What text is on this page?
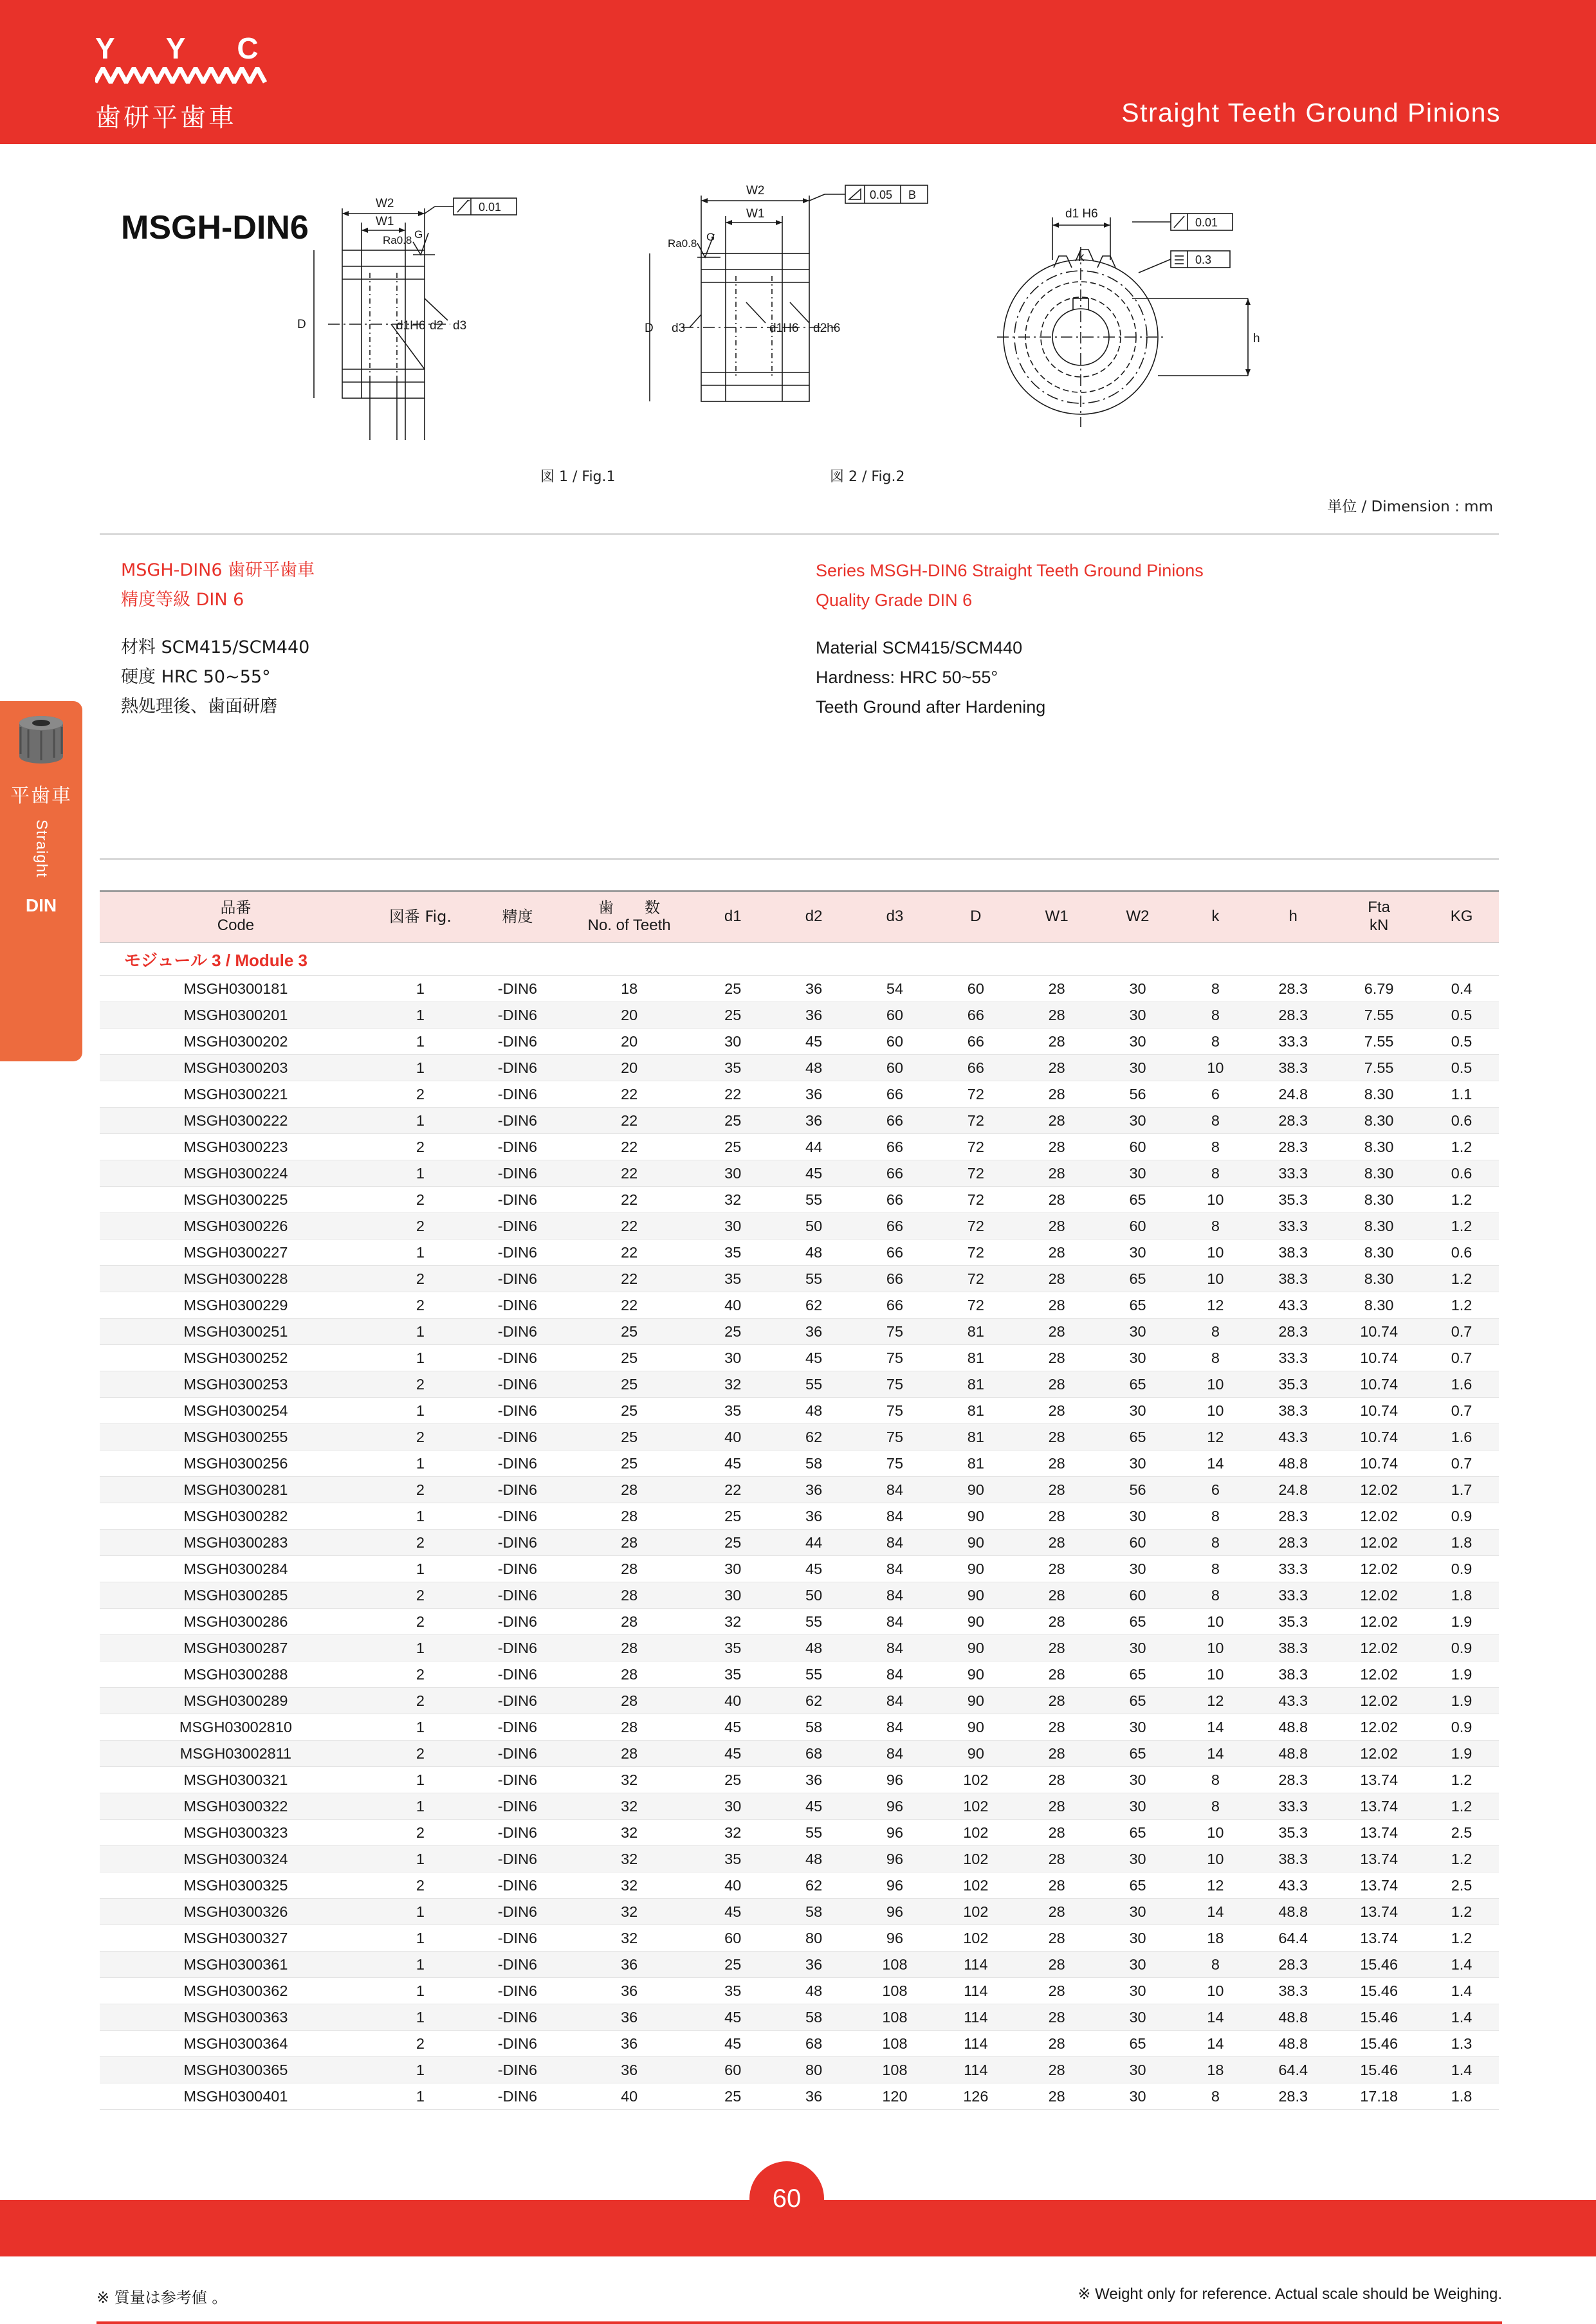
Y Y C
歯研平歯車	Straight Teeth Ground Pinions
平歯車
Straight
DIN
MSGH-DIN6
W2
W1
0.01
Ra0.8 G
D	d1H6 d2 d3
W2
W1
0.05 B
Ra0.8
G
D d3	d1H6 d2h6
d1 H6
k
0.01
0.3
h
図 1 / Fig.1	図 2 / Fig.2
単位 / Dimension : mm
MSGH-DIN6 歯研平歯車
精度等級 DIN 6
材料 SCM415/SCM440
硬度 HRC 50~55°
熱処理後、歯面研磨
Series MSGH-DIN6 Straight Teeth Ground Pinions
Quality Grade DIN 6
Material SCM415/SCM440
Hardness: HRC 50~55°
Teeth Ground after Hardening
品番
Code	図番 Fig.	精度	歯　　数
No. of Teeth

d1	d2	d3	D	W1	W2	k	h

Fta
kN

KG

モジュール 3 / Module 3													
MSGH0300181	1	-DIN6	18	25	36	54	60	28	30	8	28.3	6.79	0.4
MSGH0300201	1	-DIN6	20	25	36	60	66	28	30	8	28.3	7.55	0.5
MSGH0300202	1	-DIN6	20	30	45	60	66	28	30	8	33.3	7.55	0.5
MSGH0300203	1	-DIN6	20	35	48	60	66	28	30	10	38.3	7.55	0.5
MSGH0300221	2	-DIN6	22	22	36	66	72	28	56	6	24.8	8.30	1.1
MSGH0300222	1	-DIN6	22	25	36	66	72	28	30	8	28.3	8.30	0.6
MSGH0300223	2	-DIN6	22	25	44	66	72	28	60	8	28.3	8.30	1.2
MSGH0300224	1	-DIN6	22	30	45	66	72	28	30	8	33.3	8.30	0.6
MSGH0300225	2	-DIN6	22	32	55	66	72	28	65	10	35.3	8.30	1.2
MSGH0300226	2	-DIN6	22	30	50	66	72	28	60	8	33.3	8.30	1.2
MSGH0300227	1	-DIN6	22	35	48	66	72	28	30	10	38.3	8.30	0.6
MSGH0300228	2	-DIN6	22	35	55	66	72	28	65	10	38.3	8.30	1.2
MSGH0300229	2	-DIN6	22	40	62	66	72	28	65	12	43.3	8.30	1.2
MSGH0300251	1	-DIN6	25	25	36	75	81	28	30	8	28.3	10.74	0.7
MSGH0300252	1	-DIN6	25	30	45	75	81	28	30	8	33.3	10.74	0.7
MSGH0300253	2	-DIN6	25	32	55	75	81	28	65	10	35.3	10.74	1.6
MSGH0300254	1	-DIN6	25	35	48	75	81	28	30	10	38.3	10.74	0.7
MSGH0300255	2	-DIN6	25	40	62	75	81	28	65	12	43.3	10.74	1.6
MSGH0300256	1	-DIN6	25	45	58	75	81	28	30	14	48.8	10.74	0.7
MSGH0300281	2	-DIN6	28	22	36	84	90	28	56	6	24.8	12.02	1.7
MSGH0300282	1	-DIN6	28	25	36	84	90	28	30	8	28.3	12.02	0.9
MSGH0300283	2	-DIN6	28	25	44	84	90	28	60	8	28.3	12.02	1.8
MSGH0300284	1	-DIN6	28	30	45	84	90	28	30	8	33.3	12.02	0.9
MSGH0300285	2	-DIN6	28	30	50	84	90	28	60	8	33.3	12.02	1.8
MSGH0300286	2	-DIN6	28	32	55	84	90	28	65	10	35.3	12.02	1.9
MSGH0300287	1	-DIN6	28	35	48	84	90	28	30	10	38.3	12.02	0.9
MSGH0300288	2	-DIN6	28	35	55	84	90	28	65	10	38.3	12.02	1.9
MSGH0300289	2	-DIN6	28	40	62	84	90	28	65	12	43.3	12.02	1.9
MSGH03002810	1	-DIN6	28	45	58	84	90	28	30	14	48.8	12.02	0.9
MSGH03002811	2	-DIN6	28	45	68	84	90	28	65	14	48.8	12.02	1.9
MSGH0300321	1	-DIN6	32	25	36	96	102	28	30	8	28.3	13.74	1.2
MSGH0300322	1	-DIN6	32	30	45	96	102	28	30	8	33.3	13.74	1.2
MSGH0300323	2	-DIN6	32	32	55	96	102	28	65	10	35.3	13.74	2.5
MSGH0300324	1	-DIN6	32	35	48	96	102	28	30	10	38.3	13.74	1.2
MSGH0300325	2	-DIN6	32	40	62	96	102	28	65	12	43.3	13.74	2.5
MSGH0300326	1	-DIN6	32	45	58	96	102	28	30	14	48.8	13.74	1.2
MSGH0300327	1	-DIN6	32	60	80	96	102	28	30	18	64.4	13.74	1.2
MSGH0300361	1	-DIN6	36	25	36	108	114	28	30	8	28.3	15.46	1.4
MSGH0300362	1	-DIN6	36	35	48	108	114	28	30	10	38.3	15.46	1.4
MSGH0300363	1	-DIN6	36	45	58	108	114	28	30	14	48.8	15.46	1.4
MSGH0300364	2	-DIN6	36	45	68	108	114	28	65	14	48.8	15.46	1.3
MSGH0300365	1	-DIN6	36	60	80	108	114	28	30	18	64.4	15.46	1.4
MSGH0300401	1	-DIN6	40	25	36	120	126	28	30	8	28.3	17.18	1.8
※ 質量は参考値 。	※ Weight only for reference. Actual scale should be Weighing.
60
